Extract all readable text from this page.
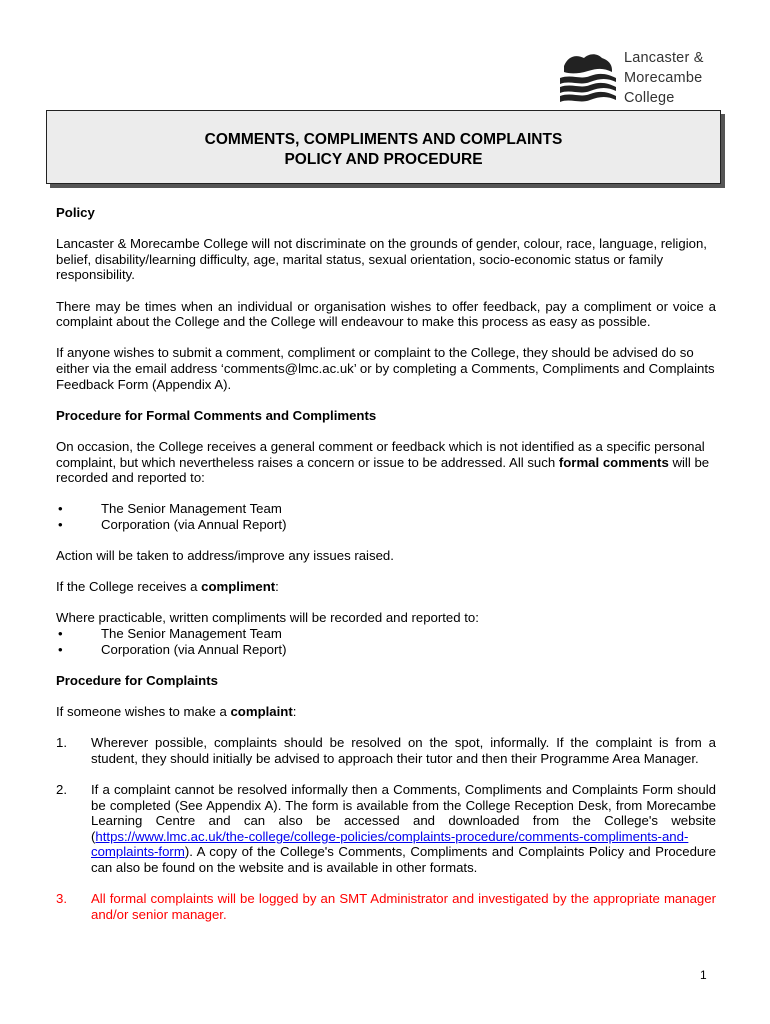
Lancaster &
Morecambe
College
COMMENTS, COMPLIMENTS AND COMPLAINTS
POLICY AND PROCEDURE

Policy

Lancaster & Morecambe College will not discriminate on the grounds of gender, colour, race, language, religion, belief, disability/learning difficulty, age, marital status, sexual orientation, socio-economic status or family responsibility.

There may be times when an individual or organisation wishes to offer feedback, pay a compliment or voice a complaint about the College and the College will endeavour to make this process as easy as possible.

If anyone wishes to submit a comment, compliment or complaint to the College, they should be advised do so either via the email address ‘comments@lmc.ac.uk’ or by completing a Comments, Compliments and Complaints Feedback Form (Appendix A).

Procedure for Formal Comments and Compliments

On occasion, the College receives a general comment or feedback which is not identified as a specific personal complaint, but which nevertheless raises a concern or issue to be addressed. All such formal comments will be recorded and reported to:

•	The Senior Management Team
•	Corporation (via Annual Report)

Action will be taken to address/improve any issues raised.

If the College receives a compliment:

Where practicable, written compliments will be recorded and reported to:

•	The Senior Management Team
•	Corporation (via Annual Report)

Procedure for Complaints

If someone wishes to make a complaint:

1. Wherever possible, complaints should be resolved on the spot, informally. If the complaint is from a student, they should initially be advised to approach their tutor and then their Programme Area Manager.
2. If a complaint cannot be resolved informally then a Comments, Compliments and Complaints Form should be completed (See Appendix A). The form is available from the College Reception Desk, from Morecambe Learning Centre and can also be accessed and downloaded from the College's website (https://www.lmc.ac.uk/the-college/college-policies/complaints-procedure/comments-compliments-and-complaints-form). A copy of the College's Comments, Compliments and Complaints Policy and Procedure can also be found on the website and is available in other formats.
3. All formal complaints will be logged by an SMT Administrator and investigated by the appropriate manager and/or senior manager.
1
